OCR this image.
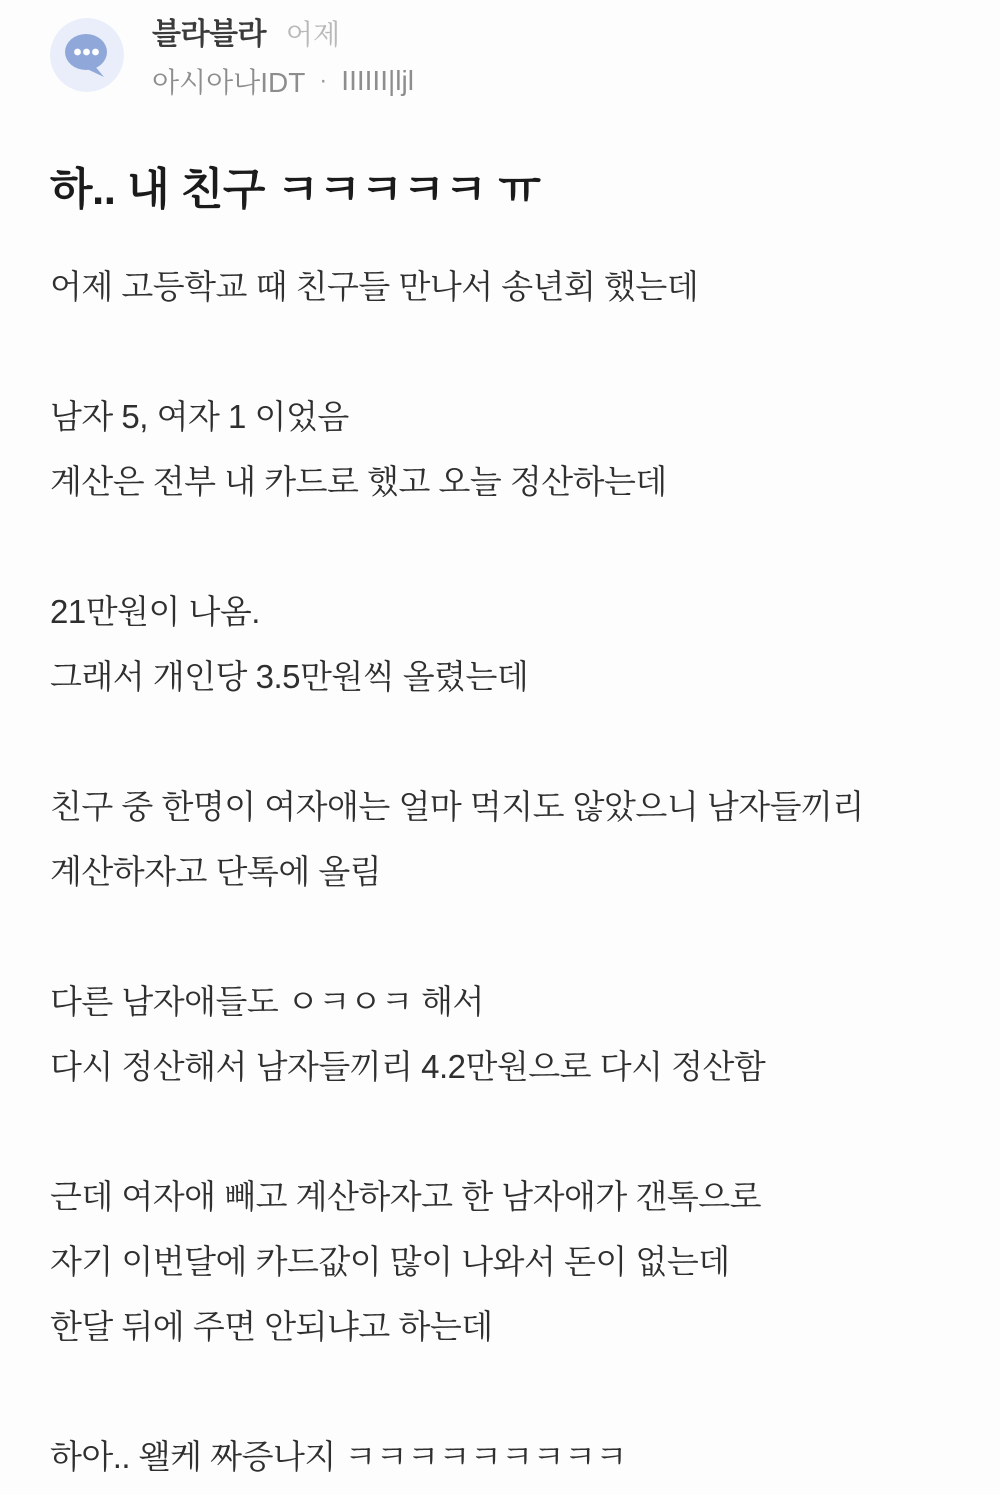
블라블라 어제
아시아나IDT · IIIIII|ljl
하.. 내 친구 ㅋㅋㅋㅋㅋ ㅠ
어제 고등학교 때 친구들 만나서 송년회 했는데
남자 5, 여자 1 이었음
계산은 전부 내 카드로 했고 오늘 정산하는데
21만원이 나옴.
그래서 개인당 3.5만원씩 올렸는데
친구 중 한명이 여자애는 얼마 먹지도 않았으니 남자들끼리
계산하자고 단톡에 올림
다른 남자애들도 ㅇㅋㅇㅋ 해서
다시 정산해서 남자들끼리 4.2만원으로 다시 정산함
근데 여자애 빼고 계산하자고 한 남자애가 갠톡으로
자기 이번달에 카드값이 많이 나와서 돈이 없는데
한달 뒤에 주면 안되냐고 하는데
하아.. 왤케 짜증나지 ㅋㅋㅋㅋㅋㅋㅋㅋㅋ
